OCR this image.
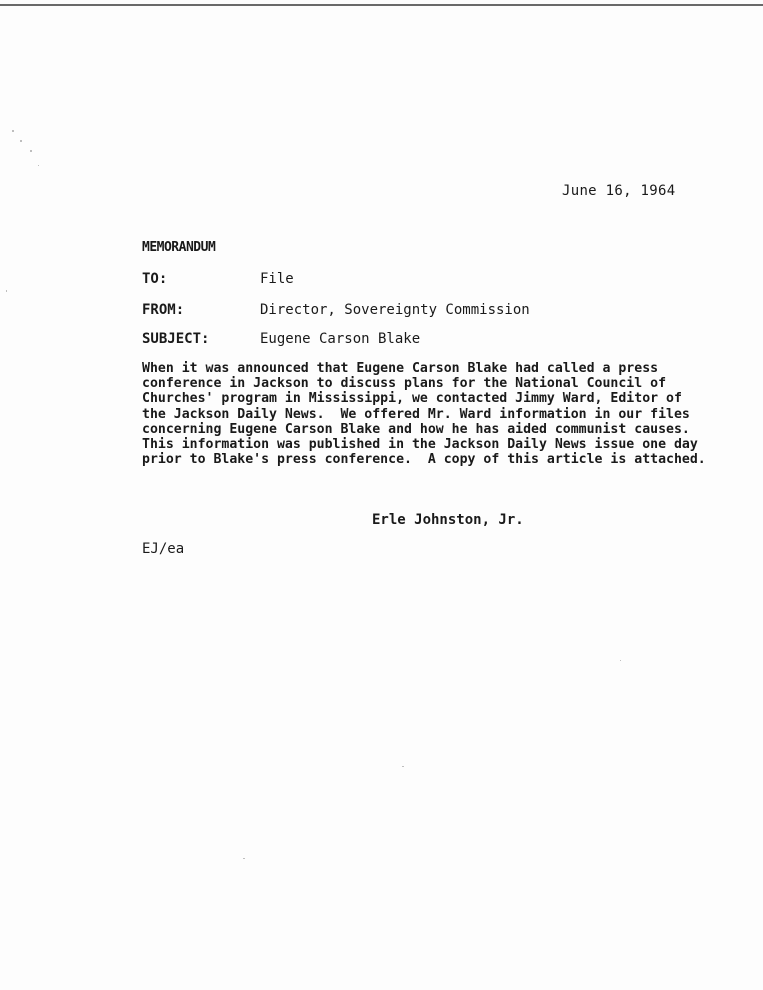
June 16, 1964
MEMORANDUM
TO:	File
FROM:	Director, Sovereignty Commission
SUBJECT:	Eugene Carson Blake
When it was announced that Eugene Carson Blake had called a press
conference in Jackson to discuss plans for the National Council of
Churches' program in Mississippi, we contacted Jimmy Ward, Editor of
the Jackson Daily News.  We offered Mr. Ward information in our files
concerning Eugene Carson Blake and how he has aided communist causes.
This information was published in the Jackson Daily News issue one day
prior to Blake's press conference.  A copy of this article is attached.
Erle Johnston, Jr.
EJ/ea
